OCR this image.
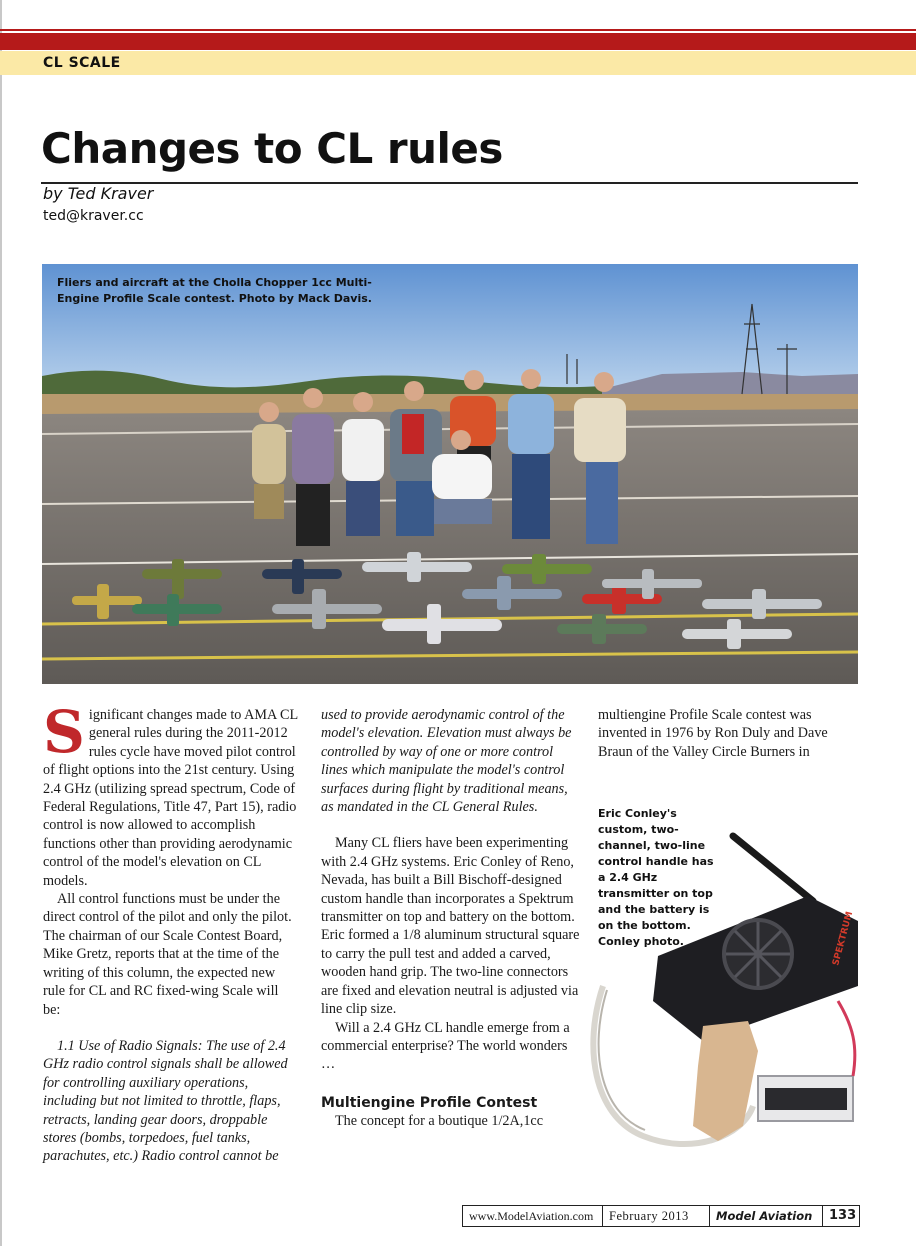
CL SCALE
Changes to CL rules
by Ted Kraver
ted@kraver.cc
Fliers and aircraft at the Cholla Chopper 1cc Multi-Engine Profile Scale contest. Photo by Mack Davis.

Significant changes made to AMA CL general rules during the 2011-2012 rules cycle have moved pilot control of flight options into the 21st century. Using 2.4 GHz (utilizing spread spectrum, Code of Federal Regulations, Title 47, Part 15), radio control is now allowed to accomplish functions other than providing aerodynamic control of the model's elevation on CL models.

All control functions must be under the direct control of the pilot and only the pilot. The chairman of our Scale Contest Board, Mike Gretz, reports that at the time of the writing of this column, the expected new rule for CL and RC fixed-wing Scale will be:

1.1 Use of Radio Signals: The use of 2.4 GHz radio control signals shall be allowed for controlling auxiliary operations, including but not limited to throttle, flaps, retracts, landing gear doors, droppable stores (bombs, torpedoes, fuel tanks, parachutes, etc.) Radio control cannot be

used to provide aerodynamic control of the model's elevation. Elevation must always be controlled by way of one or more control lines which manipulate the model's control surfaces during flight by traditional means, as mandated in the CL General Rules.

Many CL fliers have been experimenting with 2.4 GHz systems. Eric Conley of Reno, Nevada, has built a Bill Bischoff-designed custom handle than incorporates a Spektrum transmitter on top and battery on the bottom. Eric formed a 1/8 aluminum structural square to carry the pull test and added a carved, wooden hand grip. The two-line connectors are fixed and elevation neutral is adjusted via line clip size.

Will a 2.4 GHz CL handle emerge from a commercial enterprise? The world wonders …

Multiengine Profile Contest

The concept for a boutique 1/2A,1cc

multiengine Profile Scale contest was invented in 1976 by Ron Duly and Dave Braun of the Valley Circle Burners in

Eric Conley's custom, two-channel, two-line control handle has a 2.4 GHz transmitter on top and the battery is on the bottom. Conley photo.	SPEKTRUM
www.ModelAviation.com	February 2013	Model Aviation	133
